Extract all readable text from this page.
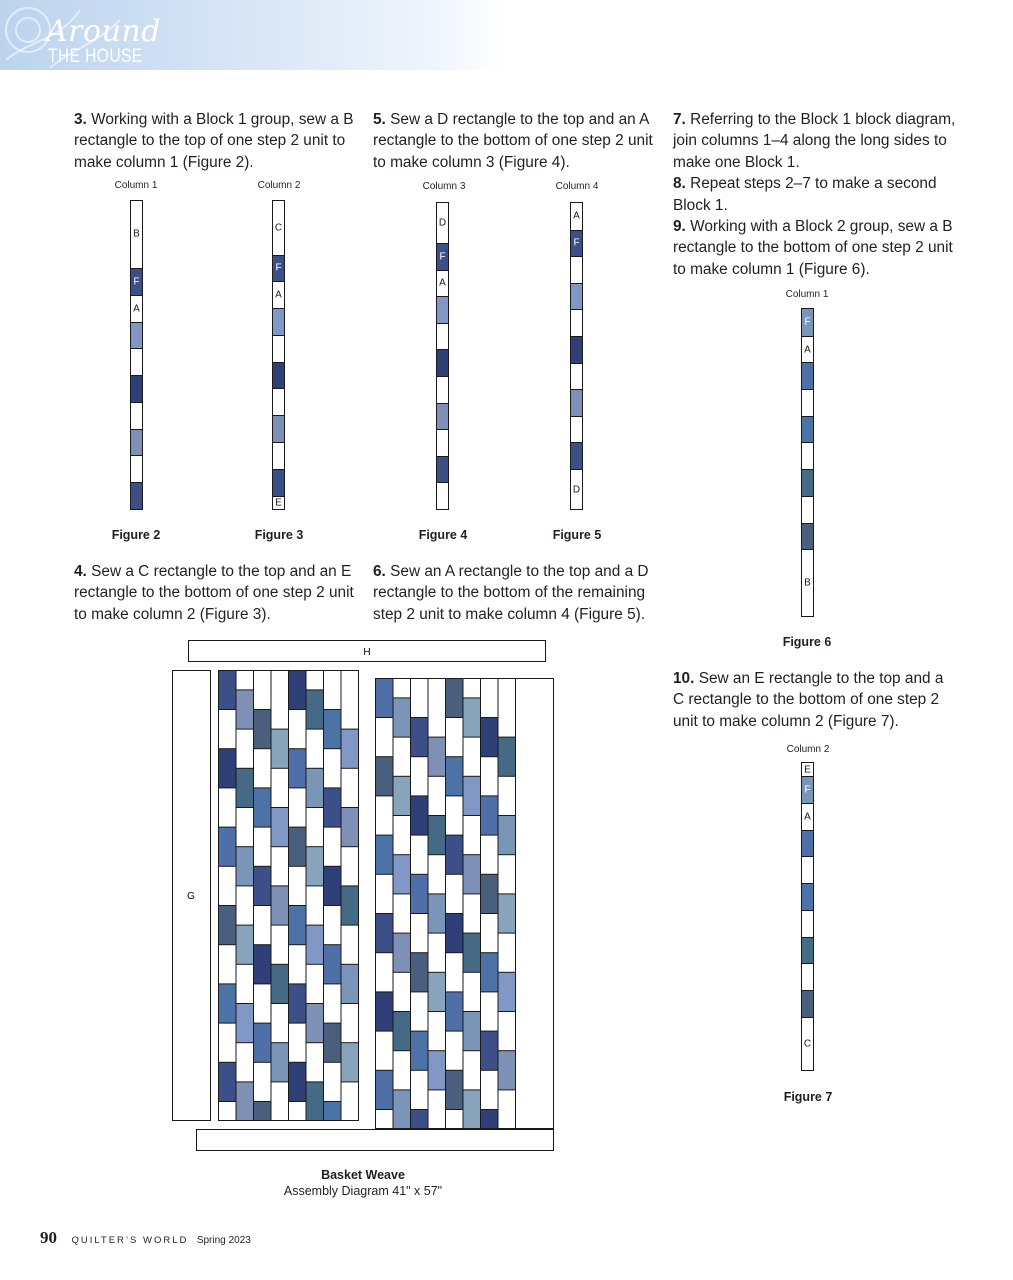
Around
THE HOUSE
3. Working with a Block 1 group, sew a B rectangle to the top of one step 2 unit to make column 1 (Figure 2).
4. Sew a C rectangle to the top and an E rectangle to the bottom of one step 2 unit to make column 2 (Figure 3).
5. Sew a D rectangle to the top and an A rectangle to the bottom of one step 2 unit to make column 3 (Figure 4).
6. Sew an A rectangle to the top and a D rectangle to the bottom of the remaining step 2 unit to make column 4 (Figure 5).
7. Referring to the Block 1 block diagram, join columns 1–4 along the long sides to make one Block 1.
8. Repeat steps 2–7 to make a second Block 1.
9. Working with a Block 2 group, sew a B rectangle to the bottom of one step 2 unit to make column 1 (Figure 6).
10. Sew an E rectangle to the top and a C rectangle to the bottom of one step 2 unit to make column 2 (Figure 7).
Column 1
B
F
A
Figure 2
Column 2
C
F
A
E
Figure 3
Column 3
D
F
A
Figure 4
Column 4
A
F
D
Figure 5
Column 1
F
A
B
Figure 6
Column 2
E
F
A
C
Figure 7
H
G
Basket Weave
Assembly Diagram 41" x 57"
90 QUILTER’S WORLD Spring 2023
